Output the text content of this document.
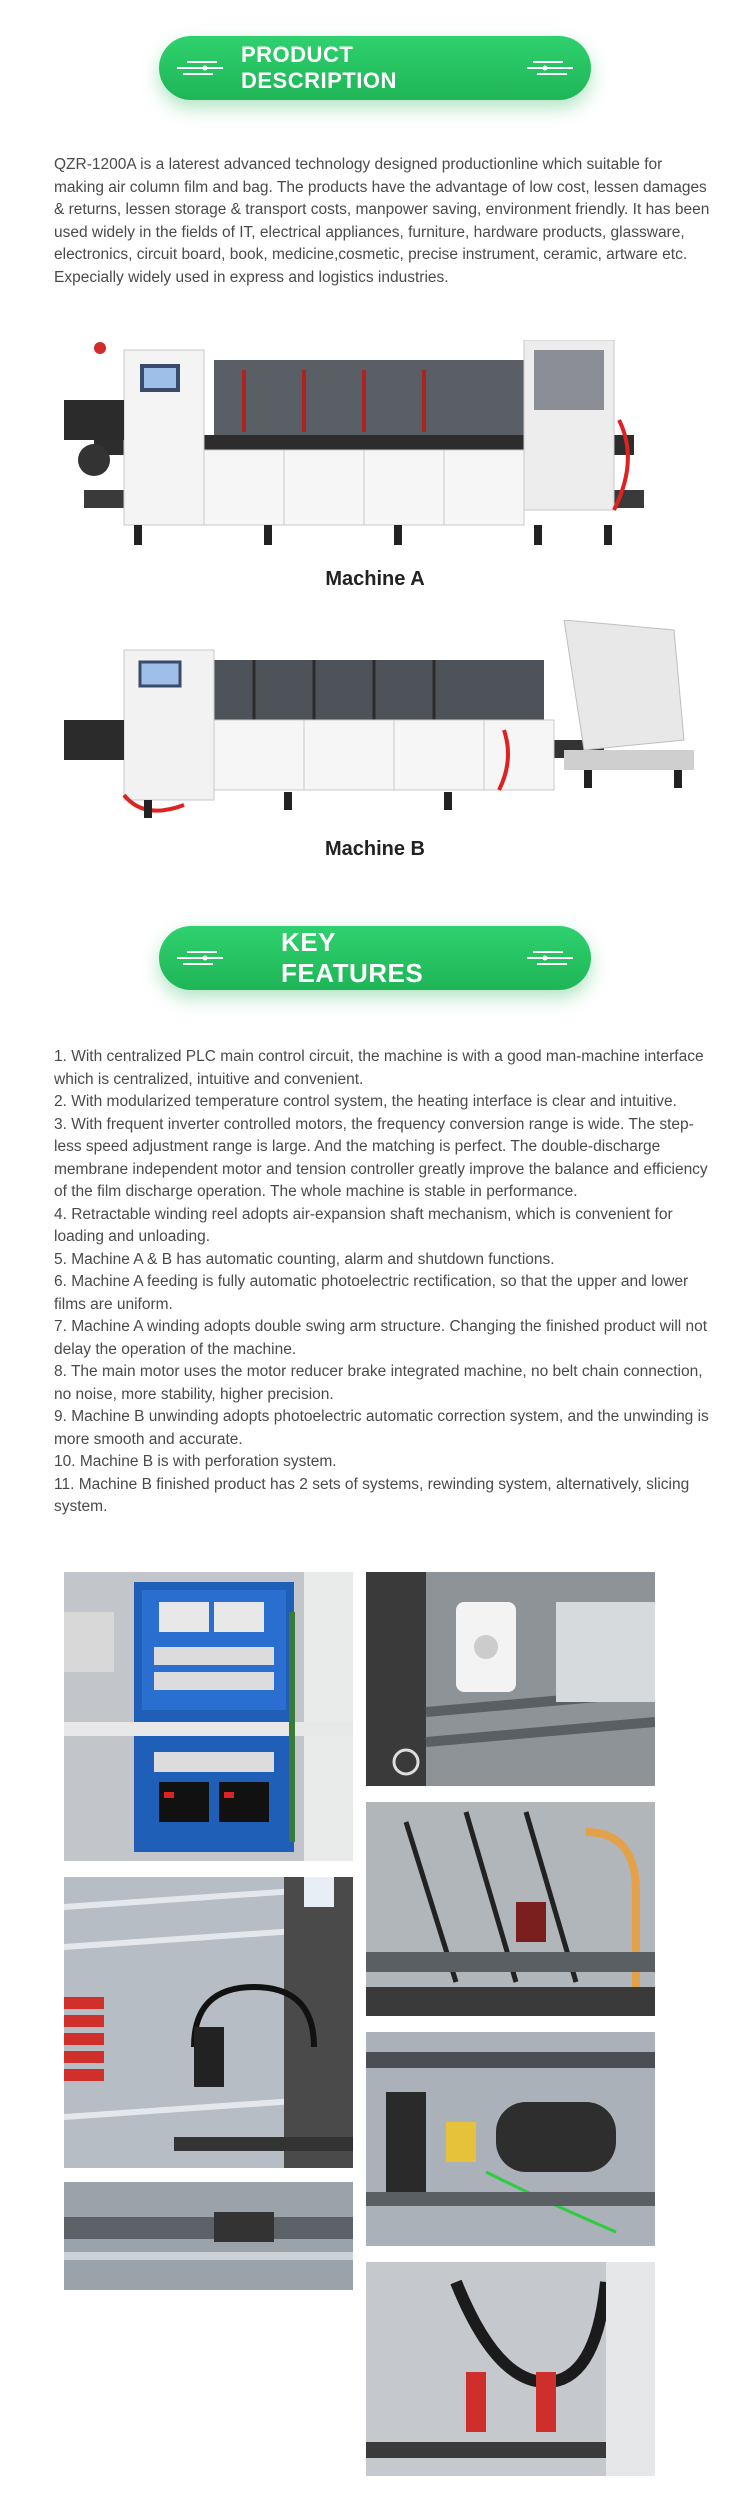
PRODUCT DESCRIPTION

QZR-1200A is a laterest advanced technology designed productionline which suitable for making air column film and bag. The products have the advantage of low cost, lessen damages & returns, lessen storage & transport costs, manpower saving, environment friendly. It has been used widely in the fields of IT, electrical appliances, furniture, hardware products, glassware, electronics, circuit board, book, medicine,cosmetic, precise instrument, ceramic, artware etc. Expecially widely used in express and logistics industries.

Machine A
Machine B
KEY FEATURES

1. With centralized PLC main control circuit, the machine is with a good man-machine interface which is centralized, intuitive and convenient.

2. With modularized temperature control system, the heating interface is clear and intuitive.

3. With frequent inverter controlled motors, the frequency conversion range is wide. The step-less speed adjustment range is large. And the matching is perfect. The double-discharge membrane independent motor and tension controller greatly improve the balance and efficiency of the film discharge operation. The whole machine is stable in performance.

4. Retractable winding reel adopts air-expansion shaft mechanism, which is convenient for loading and unloading.

5. Machine A & B has automatic counting, alarm and shutdown functions.

6. Machine A feeding is fully automatic photoelectric rectification, so that the upper and lower films are uniform.

7. Machine A winding adopts double swing arm structure. Changing the finished product will not delay the operation of the machine.

8. The main motor uses the motor reducer brake integrated machine, no belt chain connection, no noise, more stability, higher precision.

9. Machine B unwinding adopts photoelectric automatic correction system, and the unwinding is more smooth and accurate.

10. Machine B is with perforation system.

11. Machine B finished product has 2 sets of systems, rewinding system, alternatively, slicing system.
